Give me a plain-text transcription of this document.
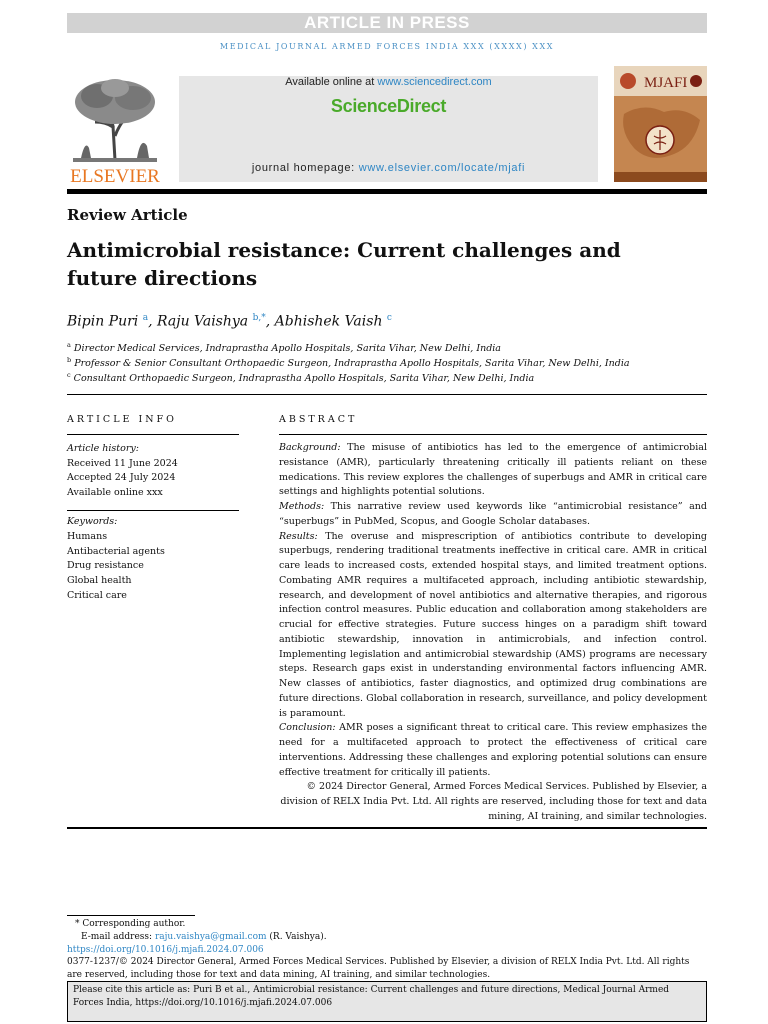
ARTICLE IN PRESS
MEDICAL JOURNAL ARMED FORCES INDIA XXX (XXXX) XXX
ELSEVIER
Available online at www.sciencedirect.com
ScienceDirect
journal homepage: www.elsevier.com/locate/mjafi
MJAFI
Review Article
Antimicrobial resistance: Current challenges and future directions
Bipin Puri $^a$, Raju Vaishya $^{b,*}$, Abhishek Vaish $^c$
$^a$ Director Medical Services, Indraprastha Apollo Hospitals, Sarita Vihar, New Delhi, India
$^b$ Professor & Senior Consultant Orthopaedic Surgeon, Indraprastha Apollo Hospitals, Sarita Vihar, New Delhi, India
$^c$ Consultant Orthopaedic Surgeon, Indraprastha Apollo Hospitals, Sarita Vihar, New Delhi, India
ARTICLE INFO	ABSTRACT
Article history:
Received 11 June 2024
Accepted 24 July 2024
Available online xxx
Keywords:
Humans
Antibacterial agents
Drug resistance
Global health
Critical care

Background: The misuse of antibiotics has led to the emergence of antimicrobial resistance (AMR), particularly threatening critically ill patients reliant on these medications. This review explores the challenges of superbugs and AMR in critical care settings and highlights potential solutions.

Methods: This narrative review used keywords like “antimicrobial resistance” and “superbugs” in PubMed, Scopus, and Google Scholar databases.

Results: The overuse and misprescription of antibiotics contribute to developing superbugs, rendering traditional treatments ineffective in critical care. AMR in critical care leads to increased costs, extended hospital stays, and limited treatment options. Combating AMR requires a multifaceted approach, including antibiotic stewardship, research, and development of novel antibiotics and alternative therapies, and rigorous infection control measures. Public education and collaboration among stakeholders are crucial for effective strategies. Future success hinges on a paradigm shift toward antibiotic stewardship, innovation in antimicrobials, and infection control. Implementing legislation and antimicrobial stewardship (AMS) programs are necessary steps. Research gaps exist in understanding environmental factors influencing AMR. New classes of antibiotics, faster diagnostics, and optimized drug combinations are future directions. Global collaboration in research, surveillance, and policy development is paramount.

Conclusion: AMR poses a significant threat to critical care. This review emphasizes the need for a multifaceted approach to protect the effectiveness of critical care interventions. Addressing these challenges and exploring potential solutions can ensure effective treatment for critically ill patients.

© 2024 Director General, Armed Forces Medical Services. Published by Elsevier, a division of RELX India Pvt. Ltd. All rights are reserved, including those for text and data mining, AI training, and similar technologies.

* Corresponding author.
E-mail address: raju.vaishya@gmail.com (R. Vaishya).
https://doi.org/10.1016/j.mjafi.2024.07.006
0377-1237/© 2024 Director General, Armed Forces Medical Services. Published by Elsevier, a division of RELX India Pvt. Ltd. All rights are reserved, including those for text and data mining, AI training, and similar technologies.
Please cite this article as: Puri B et al., Antimicrobial resistance: Current challenges and future directions, Medical Journal Armed Forces India, https://doi.org/10.1016/j.mjafi.2024.07.006
